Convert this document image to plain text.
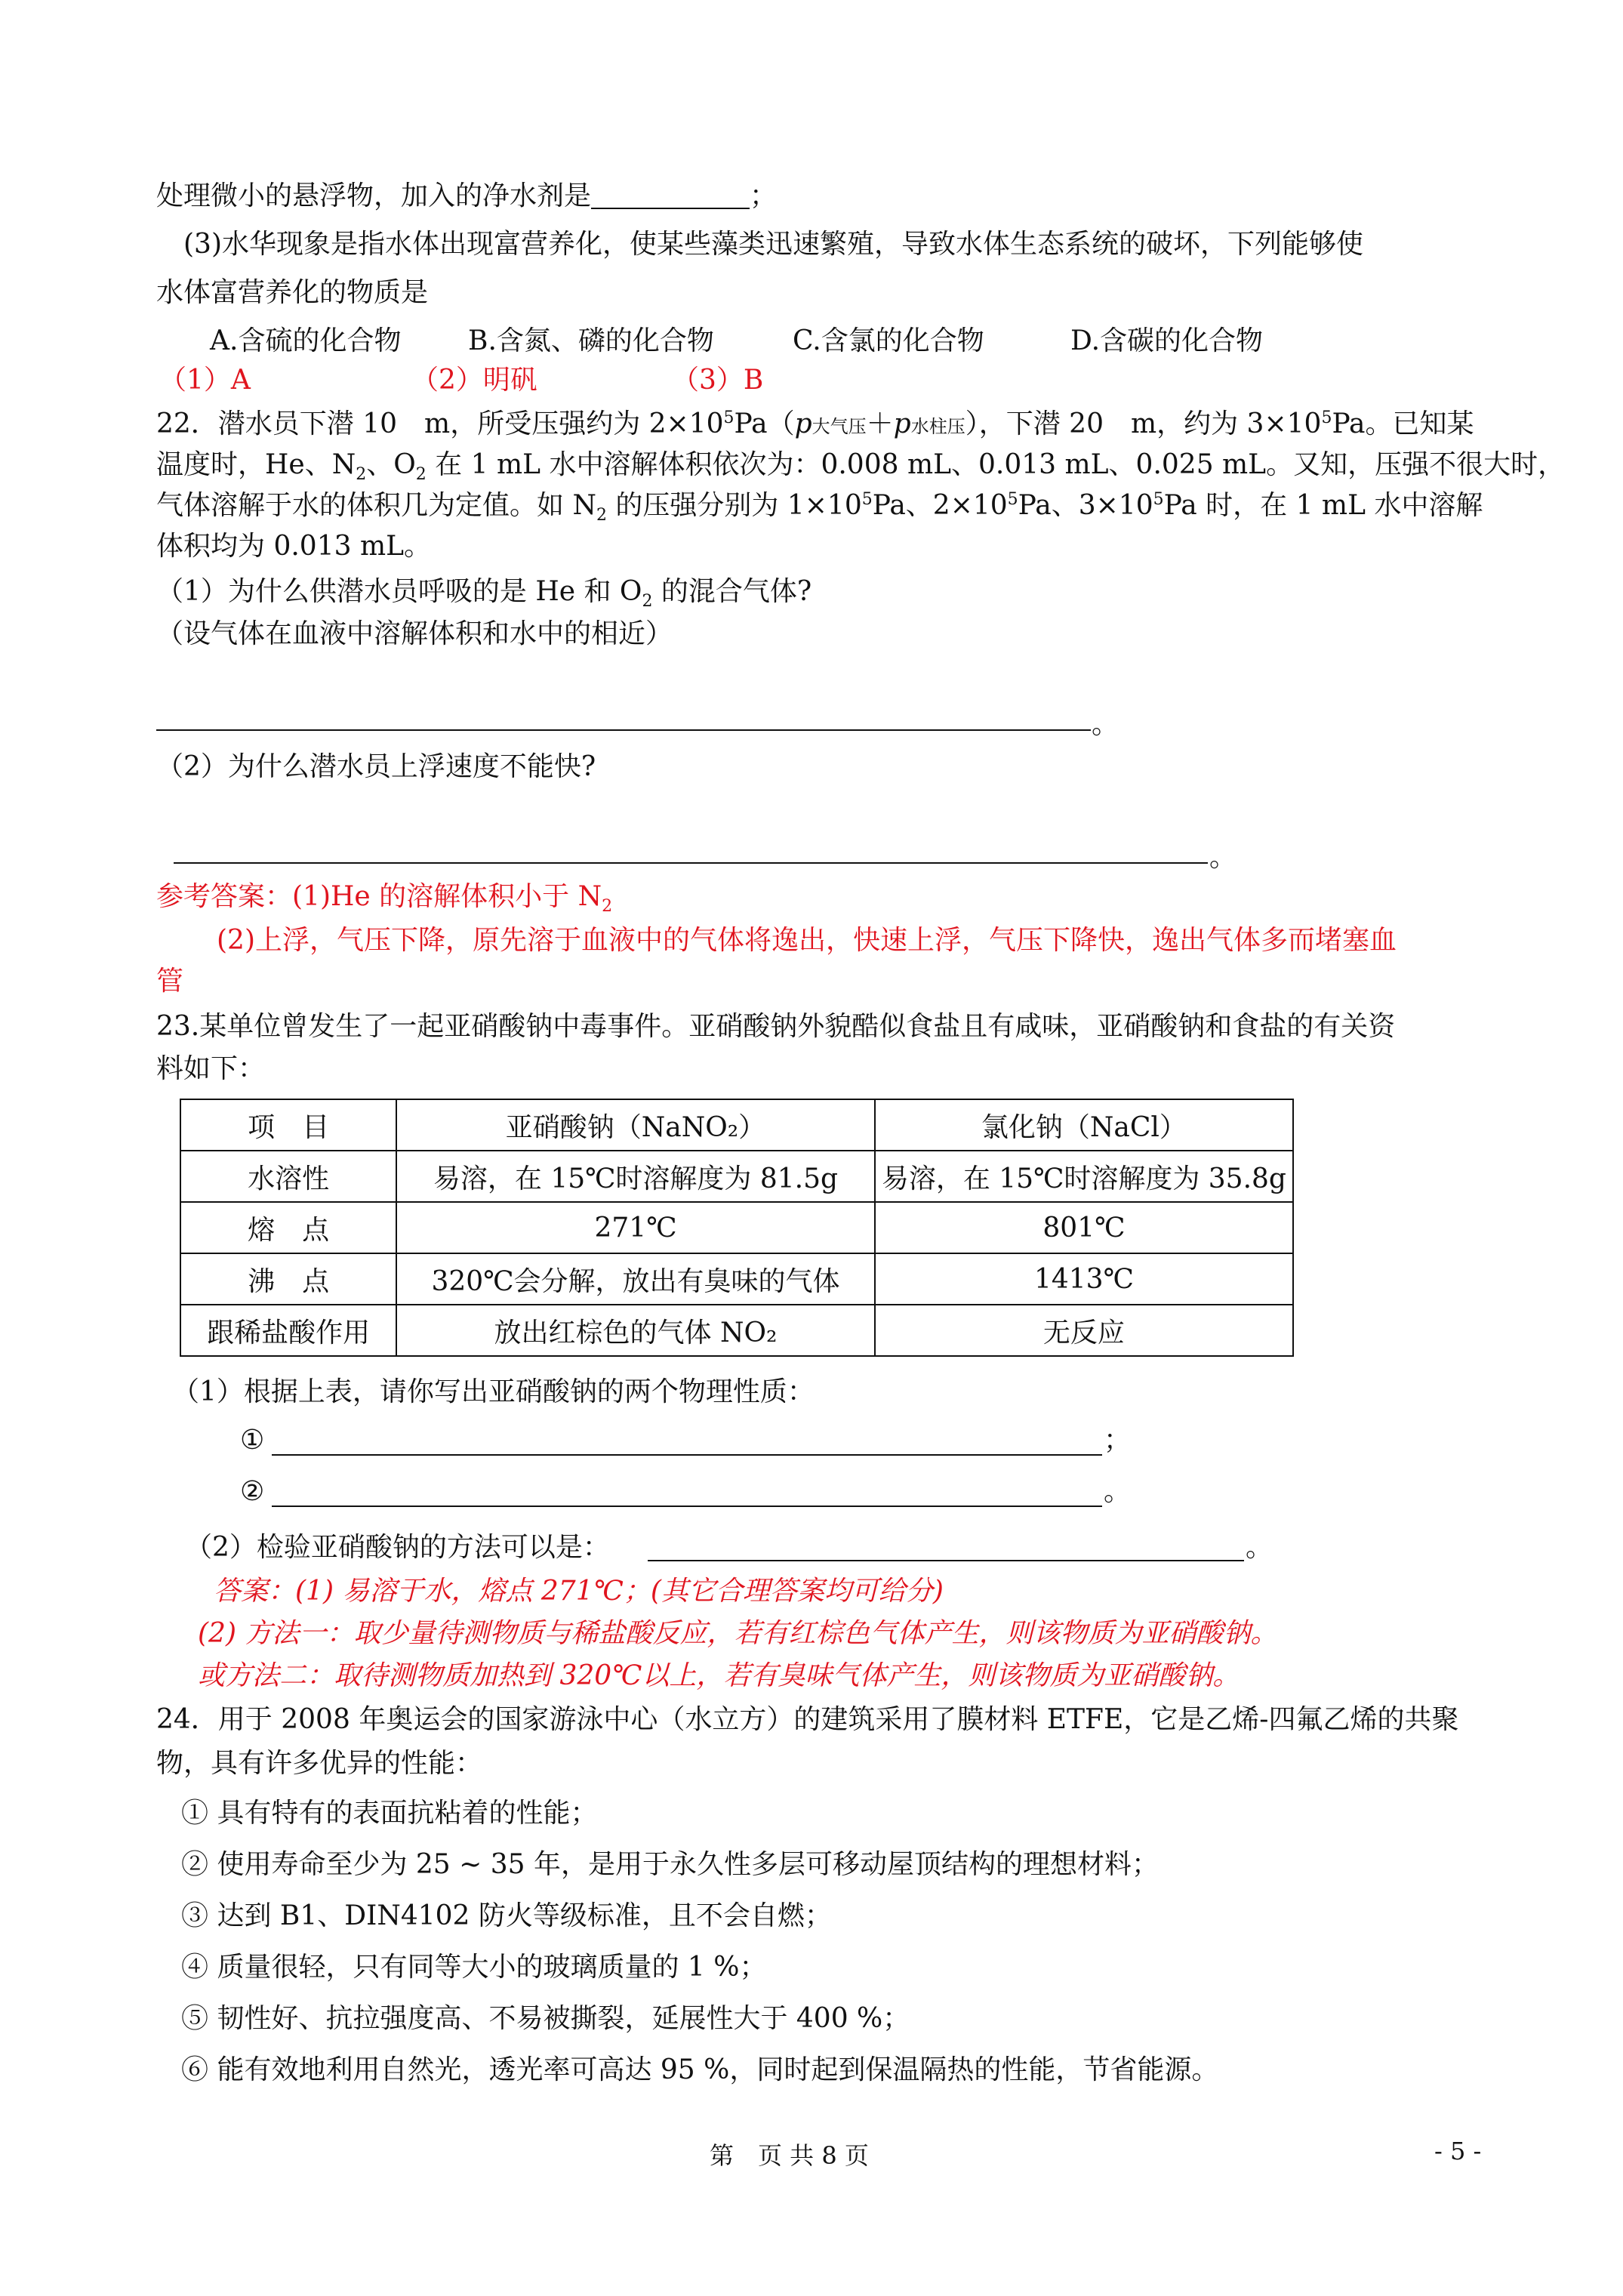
处理微小的悬浮物，加入的净水剂是	；
(3)水华现象是指水体出现富营养化，使某些藻类迅速繁殖，导致水体生态系统的破坏，下列能够使
水体富营养化的物质是
A.含硫的化合物 B.含氮、磷的化合物	C.含氯的化合物	D.含碳的化合物
（1）A	（2）明矾	（3）B
22．潜水员下潜 10　m，所受压强约为 $2\times 10^5Pa(p$大气压＋p水柱压），下潜 20　m，约为 $3\times 10^5Pa$。已知某
温度时，He、$N_2$、$O_2$ 在 1 mL 水中溶解体积依次为：0.008 mL、0.013 mL、0.025 mL。又知，压强不很大时，
气体溶解于水的体积几为定值。如 $N_2$ 的压强分别为 $1\times 10^5Pa$、$2\times 10^5Pa$、$3\times 10^5Pa$ 时，在 1 mL 水中溶解
体积均为 0.013 mL。
（1）为什么供潜水员呼吸的是 He 和 $O_2$ 的混合气体?
（设气体在血液中溶解体积和水中的相近）
。
（2）为什么潜水员上浮速度不能快?
。
参考答案：(1)He 的溶解体积小于 $N_2$
(2)上浮，气压下降，原先溶于血液中的气体将逸出，快速上浮，气压下降快，逸出气体多而堵塞血
管
23.某单位曾发生了一起亚硝酸钠中毒事件。亚硝酸钠外貌酷似食盐且有咸味，亚硝酸钠和食盐的有关资
料如下：
项　目	亚硝酸钠（NaNO₂）	氯化钠（NaCl）
水溶性	易溶，在 15℃时溶解度为 81.5g	易溶，在 15℃时溶解度为 35.8g
熔　点	271℃	801℃
沸　点	320℃会分解，放出有臭味的气体	1413℃
跟稀盐酸作用	放出红棕色的气体 NO₂	无反应
（1）根据上表，请你写出亚硝酸钠的两个物理性质：
①	；
②	。
（2）检验亚硝酸钠的方法可以是：	。
答案：(1) 易溶于水，熔点 271℃；(其它合理答案均可给分)
(2) 方法一：取少量待测物质与稀盐酸反应，若有红棕色气体产生，则该物质为亚硝酸钠。
或方法二：取待测物质加热到 320℃以上，若有臭味气体产生，则该物质为亚硝酸钠。
24．用于 2008 年奥运会的国家游泳中心（水立方）的建筑采用了膜材料 ETFE，它是乙烯-四氟乙烯的共聚
物，具有许多优异的性能：
① 具有特有的表面抗粘着的性能；
② 使用寿命至少为 25 ~ 35 年，是用于永久性多层可移动屋顶结构的理想材料；
③ 达到 B1、DIN4102 防火等级标准，且不会自燃；
④ 质量很轻，只有同等大小的玻璃质量的 1 %；
⑤ 韧性好、抗拉强度高、不易被撕裂，延展性大于 400 %；
⑥ 能有效地利用自然光，透光率可高达 95 %，同时起到保温隔热的性能，节省能源。
第　页 共 8 页	- 5 -
